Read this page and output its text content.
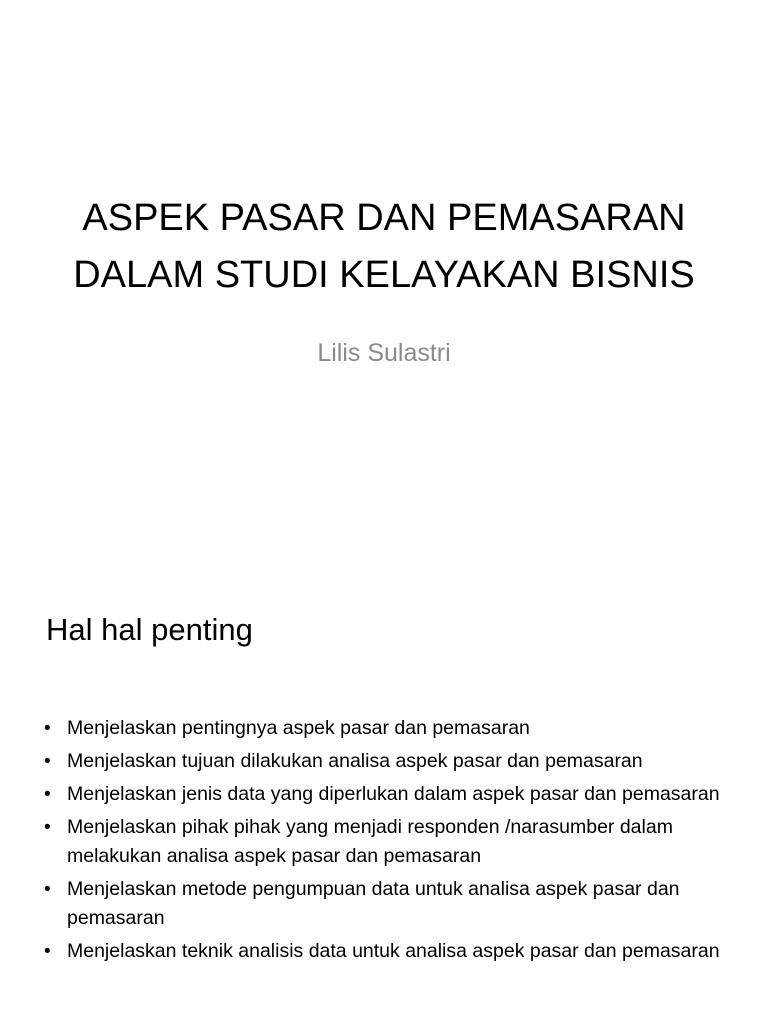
ASPEK PASAR DAN PEMASARAN
DALAM STUDI KELAYAKAN BISNIS

Lilis Sulastri

Hal hal penting
• Menjelaskan pentingnya aspek pasar dan pemasaran
• Menjelaskan tujuan dilakukan analisa aspek pasar dan pemasaran
• Menjelaskan jenis data yang diperlukan dalam aspek pasar dan pemasaran
• Menjelaskan pihak pihak yang menjadi responden /narasumber dalam melakukan analisa aspek pasar dan pemasaran
• Menjelaskan metode pengumpuan data untuk analisa aspek pasar dan pemasaran
• Menjelaskan teknik analisis data untuk analisa aspek pasar dan pemasaran
